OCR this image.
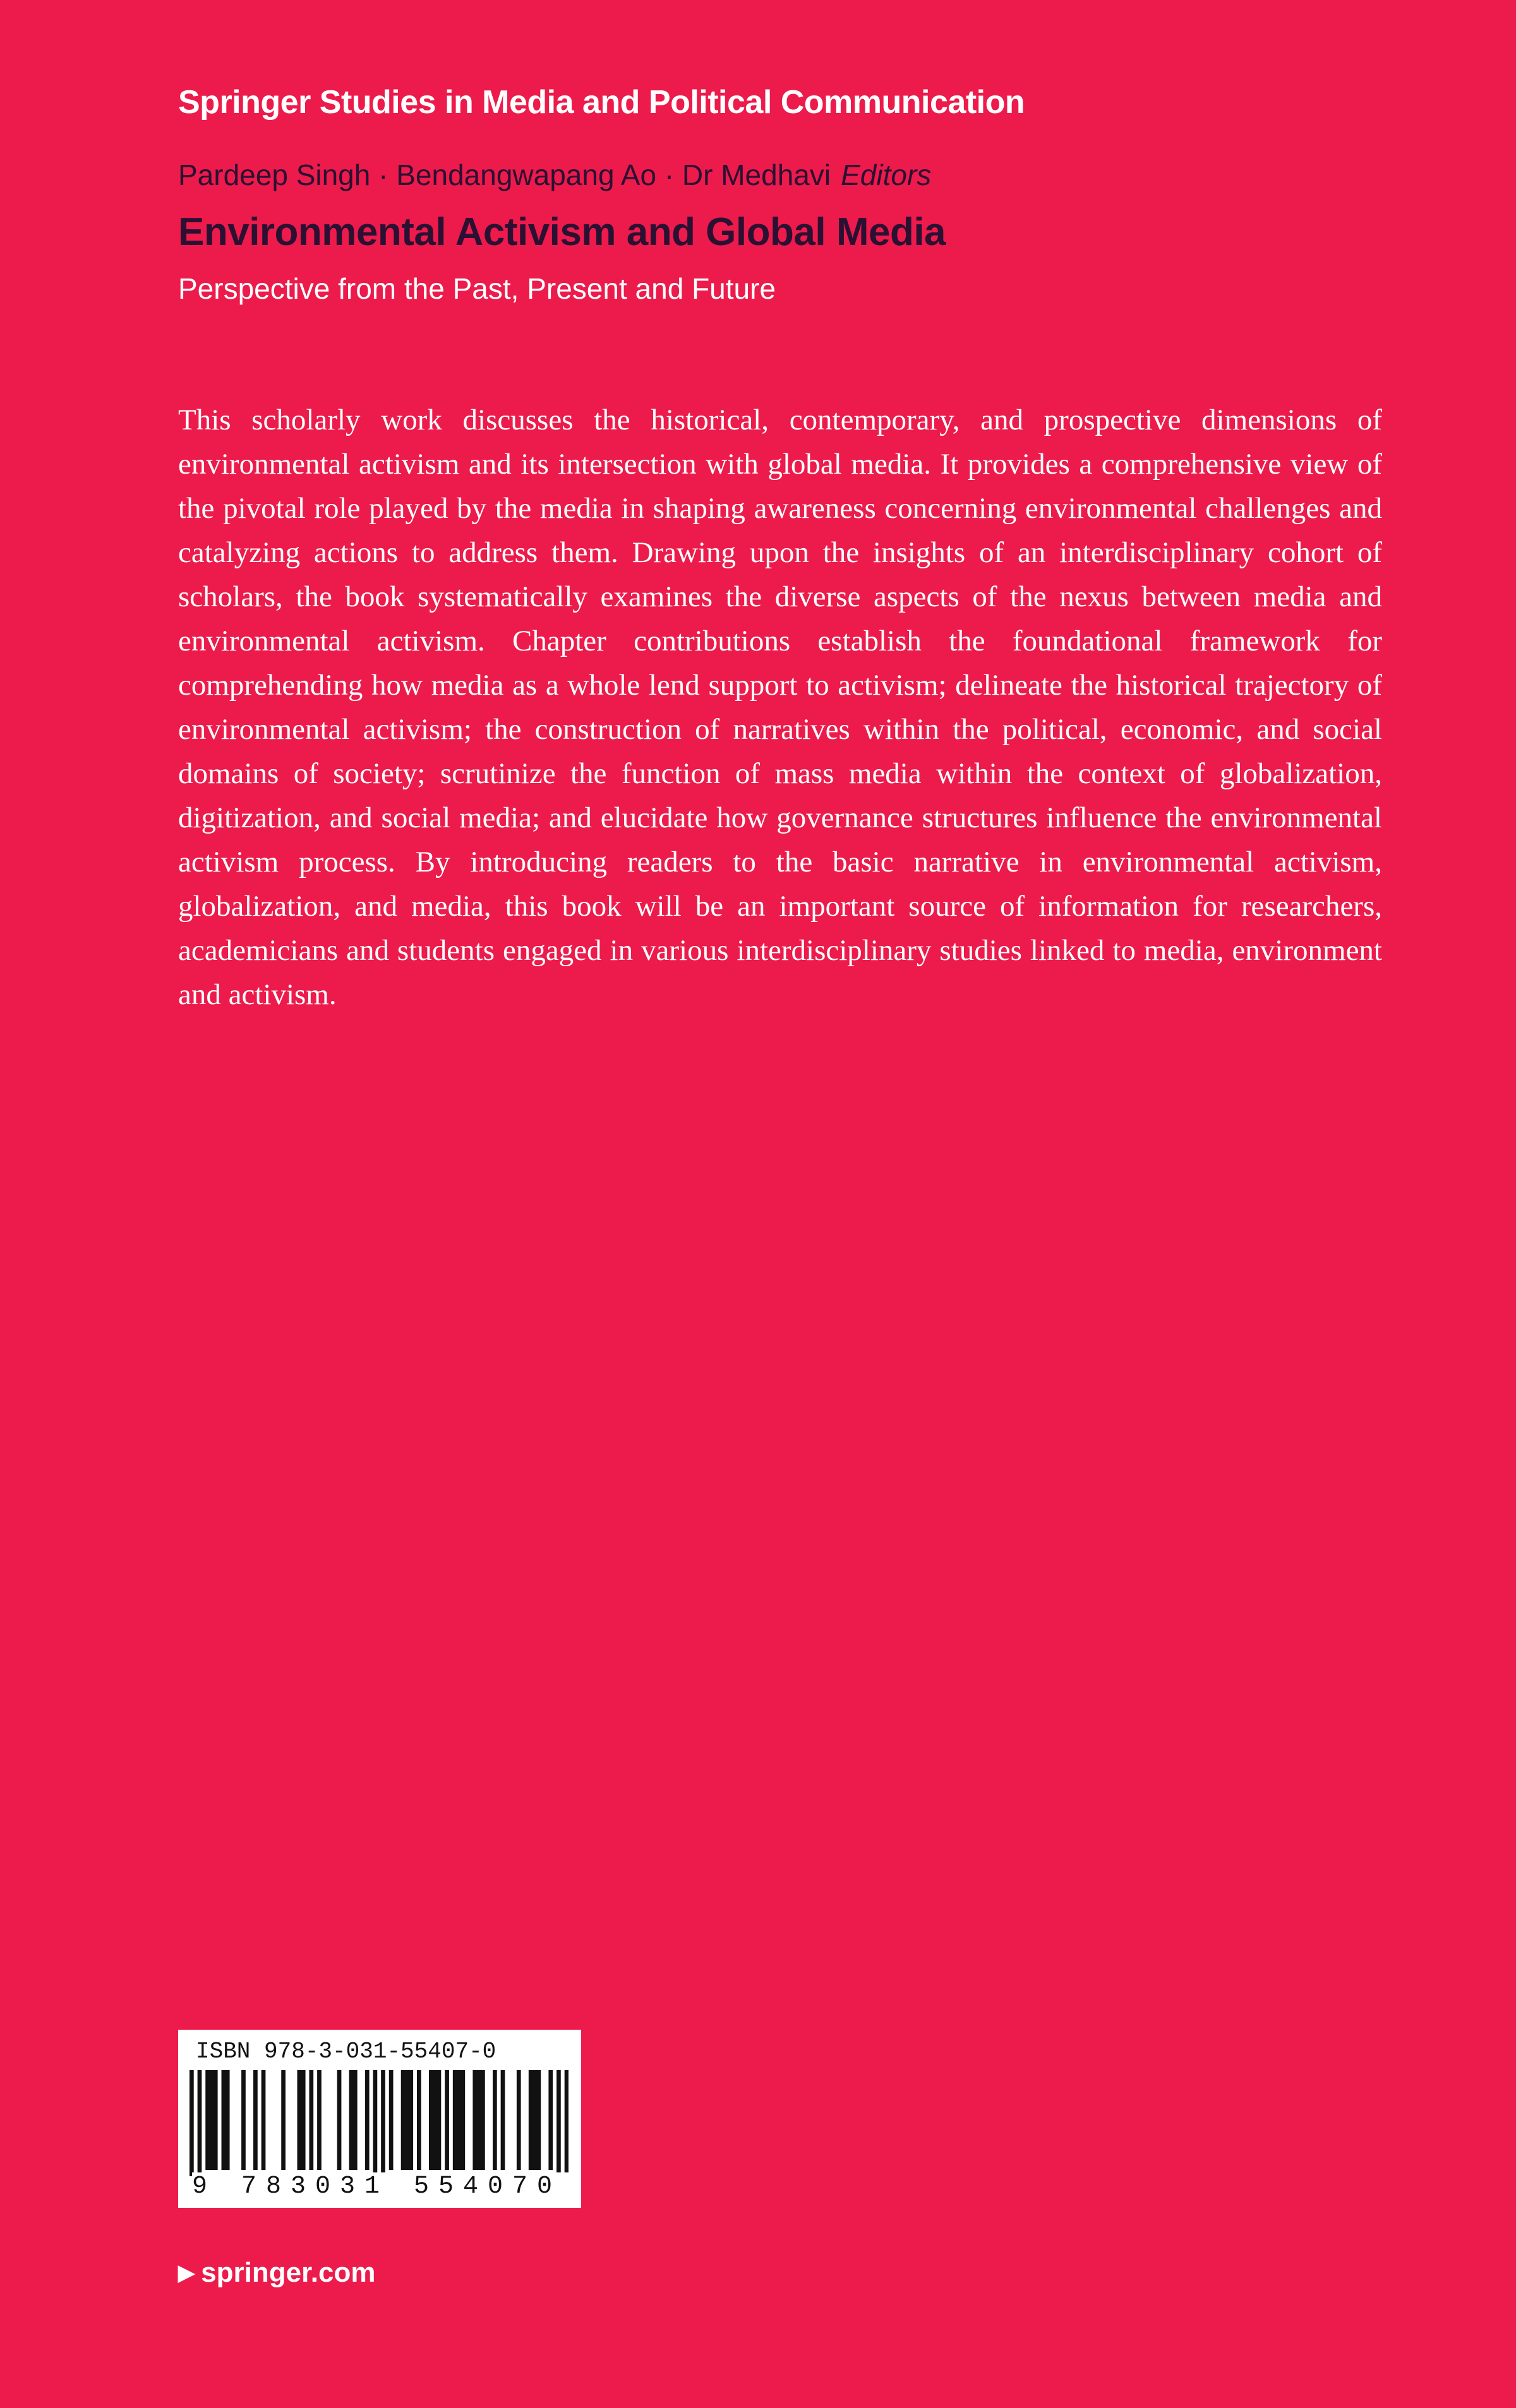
Springer Studies in Media and Political Communication
Pardeep Singh · Bendangwapang Ao · Dr Medhavi Editors
Environmental Activism and Global Media
Perspective from the Past, Present and Future

This scholarly work discusses the historical, contemporary, and prospective dimensions of environmental activism and its intersection with global media. It provides a comprehensive view of the pivotal role played by the media in shaping awareness concerning environmental challenges and catalyzing actions to address them. Drawing upon the insights of an interdisciplinary cohort of scholars, the book systematically examines the diverse aspects of the nexus between media and environmental activism. Chapter contributions establish the foundational framework for comprehending how media as a whole lend support to activism; delineate the historical trajectory of environmental activism; the construction of narratives within the political, economic, and social domains of society; scrutinize the function of mass media within the context of globalization, digitization, and social media; and elucidate how governance structures influence the environmental activism process. By introducing readers to the basic narrative in environmental activism, globalization, and media, this book will be an important source of information for researchers, academicians and students engaged in various interdisciplinary studies linked to media, environment and activism.

ISBN 978-3-031-55407-0
9 783031 554070
▶ springer.com
